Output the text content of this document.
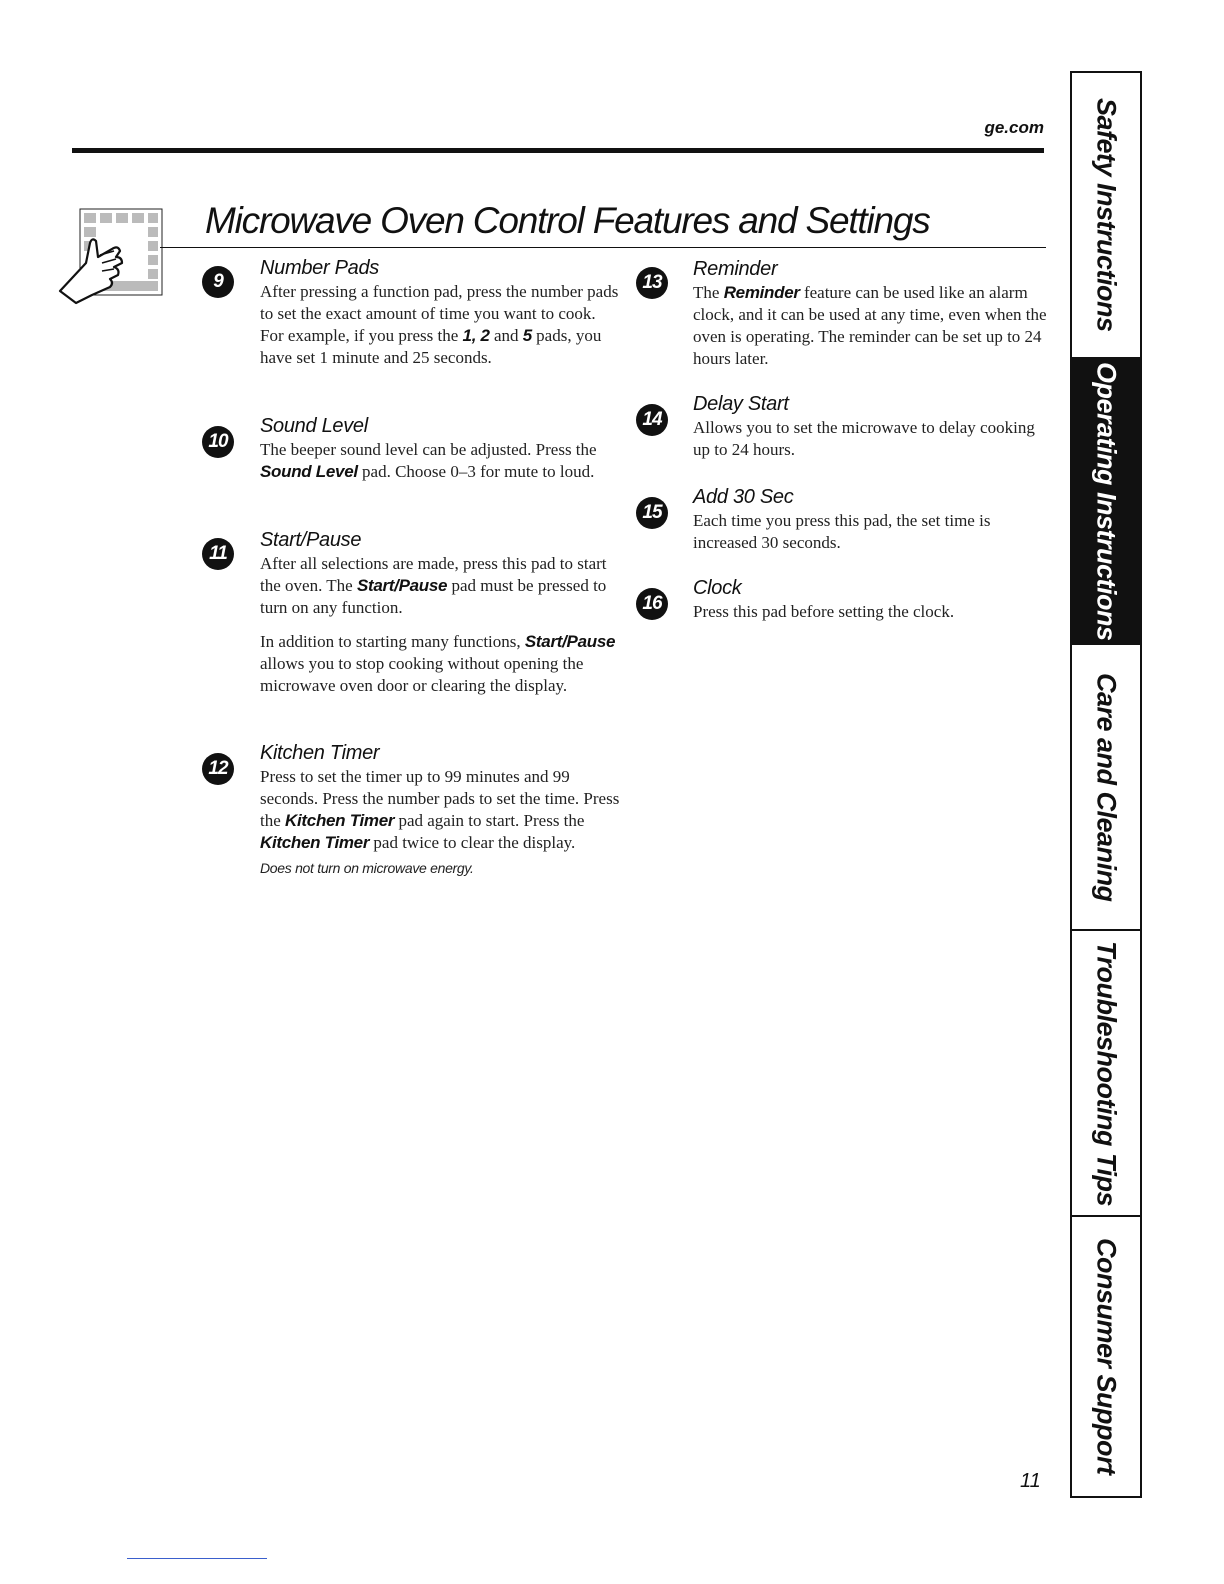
ge.com
Microwave Oven Control Features and Settings
9
Number Pads

After pressing a function pad, press the number pads to set the exact amount of time you want to cook. For example, if you press the 1, 2 and 5 pads, you have set 1 minute and 25 seconds.

10
Sound Level

The beeper sound level can be adjusted. Press the Sound Level pad. Choose 0–3 for mute to loud.

11
Start/Pause

After all selections are made, press this pad to start the oven. The Start/Pause pad must be pressed to turn on any function.

In addition to starting many functions, Start/Pause allows you to stop cooking without opening the microwave oven door or clearing the display.

12
Kitchen Timer

Press to set the timer up to 99 minutes and 99 seconds. Press the number pads to set the time. Press the Kitchen Timer pad again to start. Press the Kitchen Timer pad twice to clear the display.

Does not turn on microwave energy.
13
Reminder

The Reminder feature can be used like an alarm clock, and it can be used at any time, even when the oven is operating. The reminder can be set up to 24 hours later.

14
Delay Start

Allows you to set the microwave to delay cooking up to 24 hours.

15
Add 30 Sec

Each time you press this pad, the set time is increased 30 seconds.

16
Clock

Press this pad before setting the clock.

Safety Instructions
Operating Instructions
Care and Cleaning
Troubleshooting Tips
Consumer Support
11
